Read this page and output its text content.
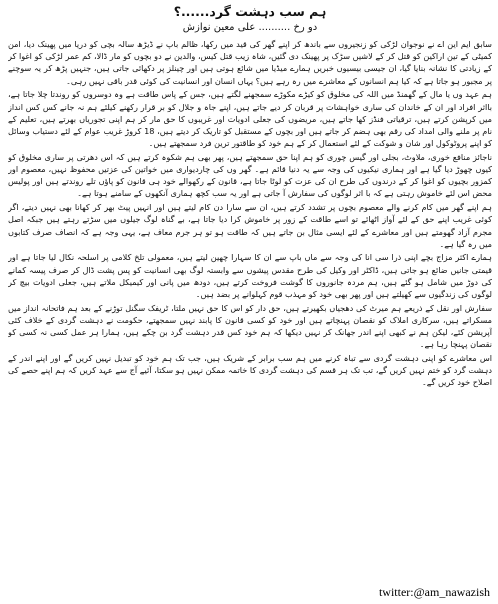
ہم سب دہشت گرد......؟
دو رخ .......... علی معین نوازش

سابق ایم این اے نے نوجوان لڑکی کو زنجیروں سے باندھ کر اپنے گھر کی قید میں رکھا، ظالم باپ نے ڈیڑھ سالہ بچی کو دریا میں پھینک دیا، امن کمیٹی کے تین اراکین کو قتل کر کے لاشیں سڑک پر پھینک دی گئیں، شاہ زیب قتل کیس، والدین نے دو بچوں کو مار ڈالا، کم عمر لڑکی کو اغوا کر کے زیادتی کا نشانہ بنایا گیا، ان جیسی بیسیوں خبریں ہمارے میڈیا میں شائع ہوتی ہیں اور چینلز پر دکھائی جاتی ہیں، جنہیں پڑھ کر یہ سوچنے پر مجبور ہو جاتا ہے کہ کیا ہم انسانوں کے معاشرے میں رہ رہے ہیں؟ یہاں انسان اور انسانیت کی کوئی قدر باقی نہیں رہی۔

ہم عہد وں یا مال کے گھمنڈ میں اللہ کی مخلوق کو کیڑے مکوڑے سمجھنے لگتے ہیں، جس کے پاس طاقت ہے وہ دوسروں کو روندتا چلا جاتا ہے، بااثر افراد اور ان کے خاندان کی ساری خواہشات پر قربان کر دیے جاتے ہیں، اپنے جاہ و جلال کو بر قرار رکھنے کیلئے ہم نہ جانے کس کس انداز میں کرپشن کرتے ہیں، ترقیاتی فنڈز کھا جاتے ہیں، مریضوں کی جعلی ادویات اور غریبوں کا حق مار کر ہم اپنی تجوریاں بھرتے ہیں، تعلیم کے نام پر ملنے والی امداد کی رقم بھی ہضم کر جاتے ہیں اور بچوں کے مستقبل کو تاریک کر دیتے ہیں، 18 کروڑ غریب عوام کے لئے دستیاب وسائل کو اپنے پروٹوکول اور شان و شوکت کے لئے استعمال کر کے ہم خود کو طاقتور ترین فرد سمجھتے ہیں۔

ناجائز منافع خوری، ملاوٹ، بجلی اور گیس چوری کو ہم اپنا حق سمجھتے ہیں، پھر بھی ہم شکوہ کرتے ہیں کہ اس دھرتی پر ساری مخلوق کو کیوں چھوڑ دیا گیا ہے اور ہماری نیکیوں کی وجہ سے یہ دنیا قائم ہے۔ گھر وں کی چاردیواری میں خواتین کی عزتیں محفوظ نہیں، معصوم اور کمزور بچیوں کو اغوا کر کے درندوں کی طرح ان کی عزت کو لوٹا جاتا ہے، قانون کے رکھوالے خود ہی قانون کو پاؤں تلے روندتے ہیں اور پولیس محض اس لئے خاموش رہتی ہے کہ با اثر لوگوں کی سفارش آ جاتی ہے اور یہ سب کچھ ہماری آنکھوں کے سامنے ہوتا ہے۔

ہم اپنے گھر میں کام کرنے والے معصوم بچوں پر تشدد کرتے ہیں، ان سے سارا دن کام لیتے ہیں اور انہیں پیٹ بھر کر کھانا بھی نہیں دیتے، اگر کوئی غریب اپنے حق کے لئے آواز اٹھائے تو اسے طاقت کے زور پر خاموش کرا دیا جاتا ہے، بے گناہ لوگ جیلوں میں سڑتے رہتے ہیں جبکہ اصل مجرم آزاد گھومتے ہیں اور معاشرے کے لئے ایسی مثال بن جاتے ہیں کہ طاقت ہو تو ہر جرم معاف ہے، یہی وجہ ہے کہ انصاف صرف کتابوں میں رہ گیا ہے۔

ہمارے اکثر مزاج بچے اپنی ذرا سی انا کی وجہ سے ماں باپ سے ان کا سہارا چھین لیتے ہیں، معمولی تلخ کلامی پر اسلحہ نکال لیا جاتا ہے اور قیمتی جانیں ضائع ہو جاتی ہیں، ڈاکٹر اور وکیل کی طرح مقدس پیشوں سے وابستہ لوگ بھی انسانیت کو پس پشت ڈال کر صرف پیسہ کمانے کی دوڑ میں شامل ہو گئے ہیں، ہم مردہ جانوروں کا گوشت فروخت کرتے ہیں، دودھ میں پانی اور کیمیکل ملاتے ہیں، جعلی ادویات بیچ کر لوگوں کی زندگیوں سے کھیلتے ہیں اور پھر بھی خود کو مہذب قوم کہلوانے پر بضد ہیں۔

سفارش اور نقل کے ذریعے ہم میرٹ کی دھجیاں بکھیرتے ہیں، حق دار کو اس کا حق نہیں ملتا، ٹریفک سگنل توڑنے کے بعد ہم فاتحانہ انداز میں مسکراتے ہیں، سرکاری املاک کو نقصان پہنچاتے ہیں اور خود کو کسی قانون کا پابند نہیں سمجھتے، حکومت نے دہشت گردی کے خلاف کئی آپریشن کئے، لیکن ہم نے کبھی اپنے اندر جھانک کر نہیں دیکھا کہ ہم خود کس قدر دہشت گرد بن چکے ہیں، ہمارا ہر عمل کسی نہ کسی کو نقصان پہنچا رہا ہے۔

اس معاشرے کو اپنی دہشت گردی سے تباہ کرنے میں ہم سب برابر کے شریک ہیں، جب تک ہم خود کو تبدیل نہیں کریں گے اور اپنے اندر کے دہشت گرد کو ختم نہیں کریں گے، تب تک ہر قسم کی دہشت گردی کا خاتمہ ممکن نہیں ہو سکتا، آئیے آج سے عہد کریں کہ ہم اپنے حصے کی اصلاح خود کریں گے۔

twitter:@am_nawazish
